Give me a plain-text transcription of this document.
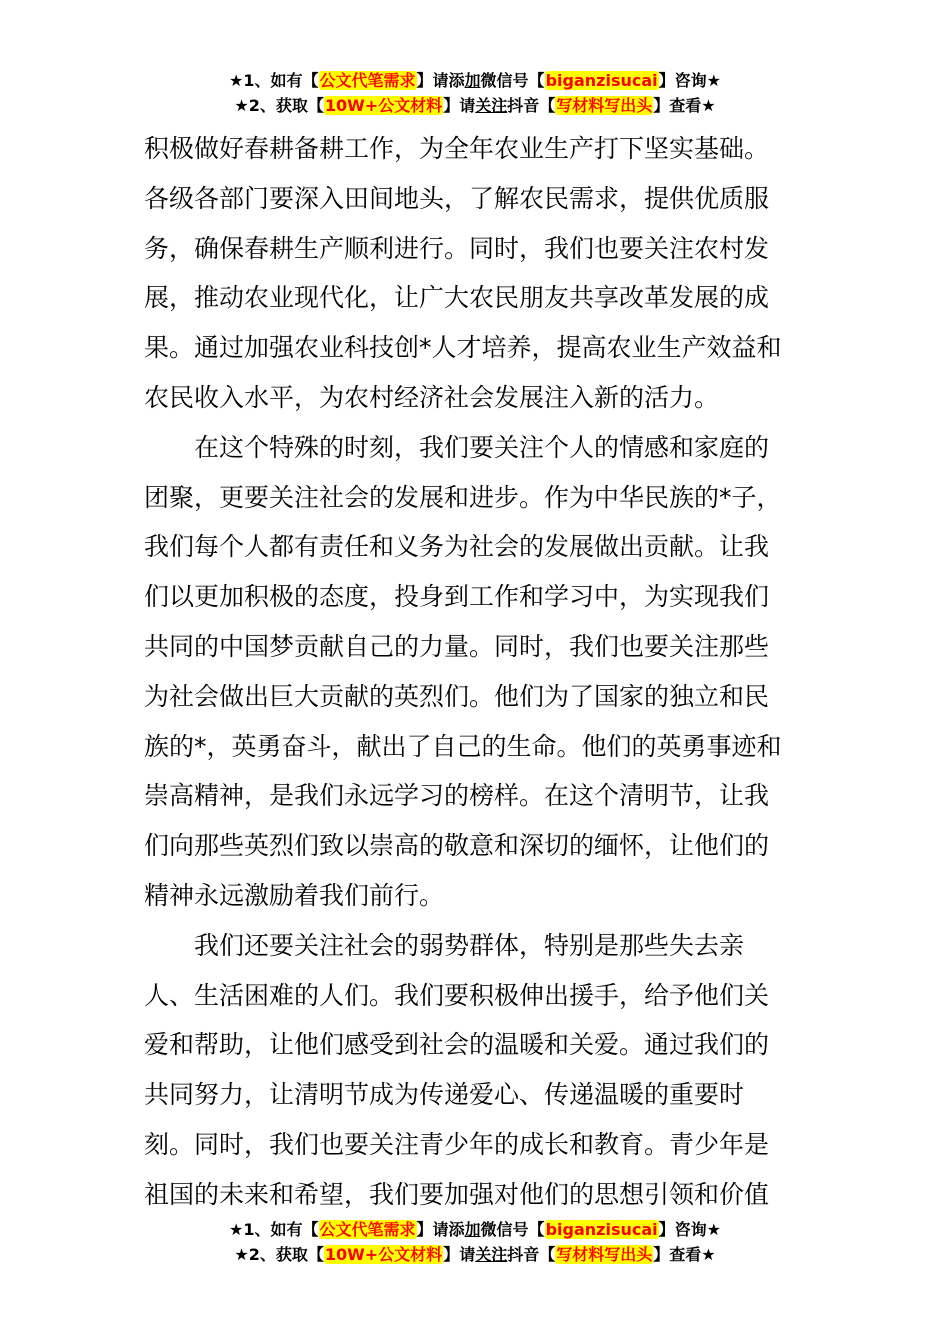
★1、如有【公文代笔需求】请添加微信号【biganzisucai】咨询★
★2、获取【10W+公文材料】请关注抖音【写材料写出头】查看★
积极做好春耕备耕工作，为全年农业生产打下坚实基础。
各级各部门要深入田间地头，了解农民需求，提供优质服
务，确保春耕生产顺利进行。同时，我们也要关注农村发
展，推动农业现代化，让广大农民朋友共享改革发展的成
果。通过加强农业科技创*人才培养，提高农业生产效益和
农民收入水平，为农村经济社会发展注入新的活力。
在这个特殊的时刻，我们要关注个人的情感和家庭的
团聚，更要关注社会的发展和进步。作为中华民族的*子，
我们每个人都有责任和义务为社会的发展做出贡献。让我
们以更加积极的态度，投身到工作和学习中，为实现我们
共同的中国梦贡献自己的力量。同时，我们也要关注那些
为社会做出巨大贡献的英烈们。他们为了国家的独立和民
族的*，英勇奋斗，献出了自己的生命。他们的英勇事迹和
崇高精神，是我们永远学习的榜样。在这个清明节，让我
们向那些英烈们致以崇高的敬意和深切的缅怀，让他们的
精神永远激励着我们前行。
我们还要关注社会的弱势群体，特别是那些失去亲
人、生活困难的人们。我们要积极伸出援手，给予他们关
爱和帮助，让他们感受到社会的温暖和关爱。通过我们的
共同努力，让清明节成为传递爱心、传递温暖的重要时
刻。同时，我们也要关注青少年的成长和教育。青少年是
祖国的未来和希望，我们要加强对他们的思想引领和价值
★1、如有【公文代笔需求】请添加微信号【biganzisucai】咨询★
★2、获取【10W+公文材料】请关注抖音【写材料写出头】查看★
